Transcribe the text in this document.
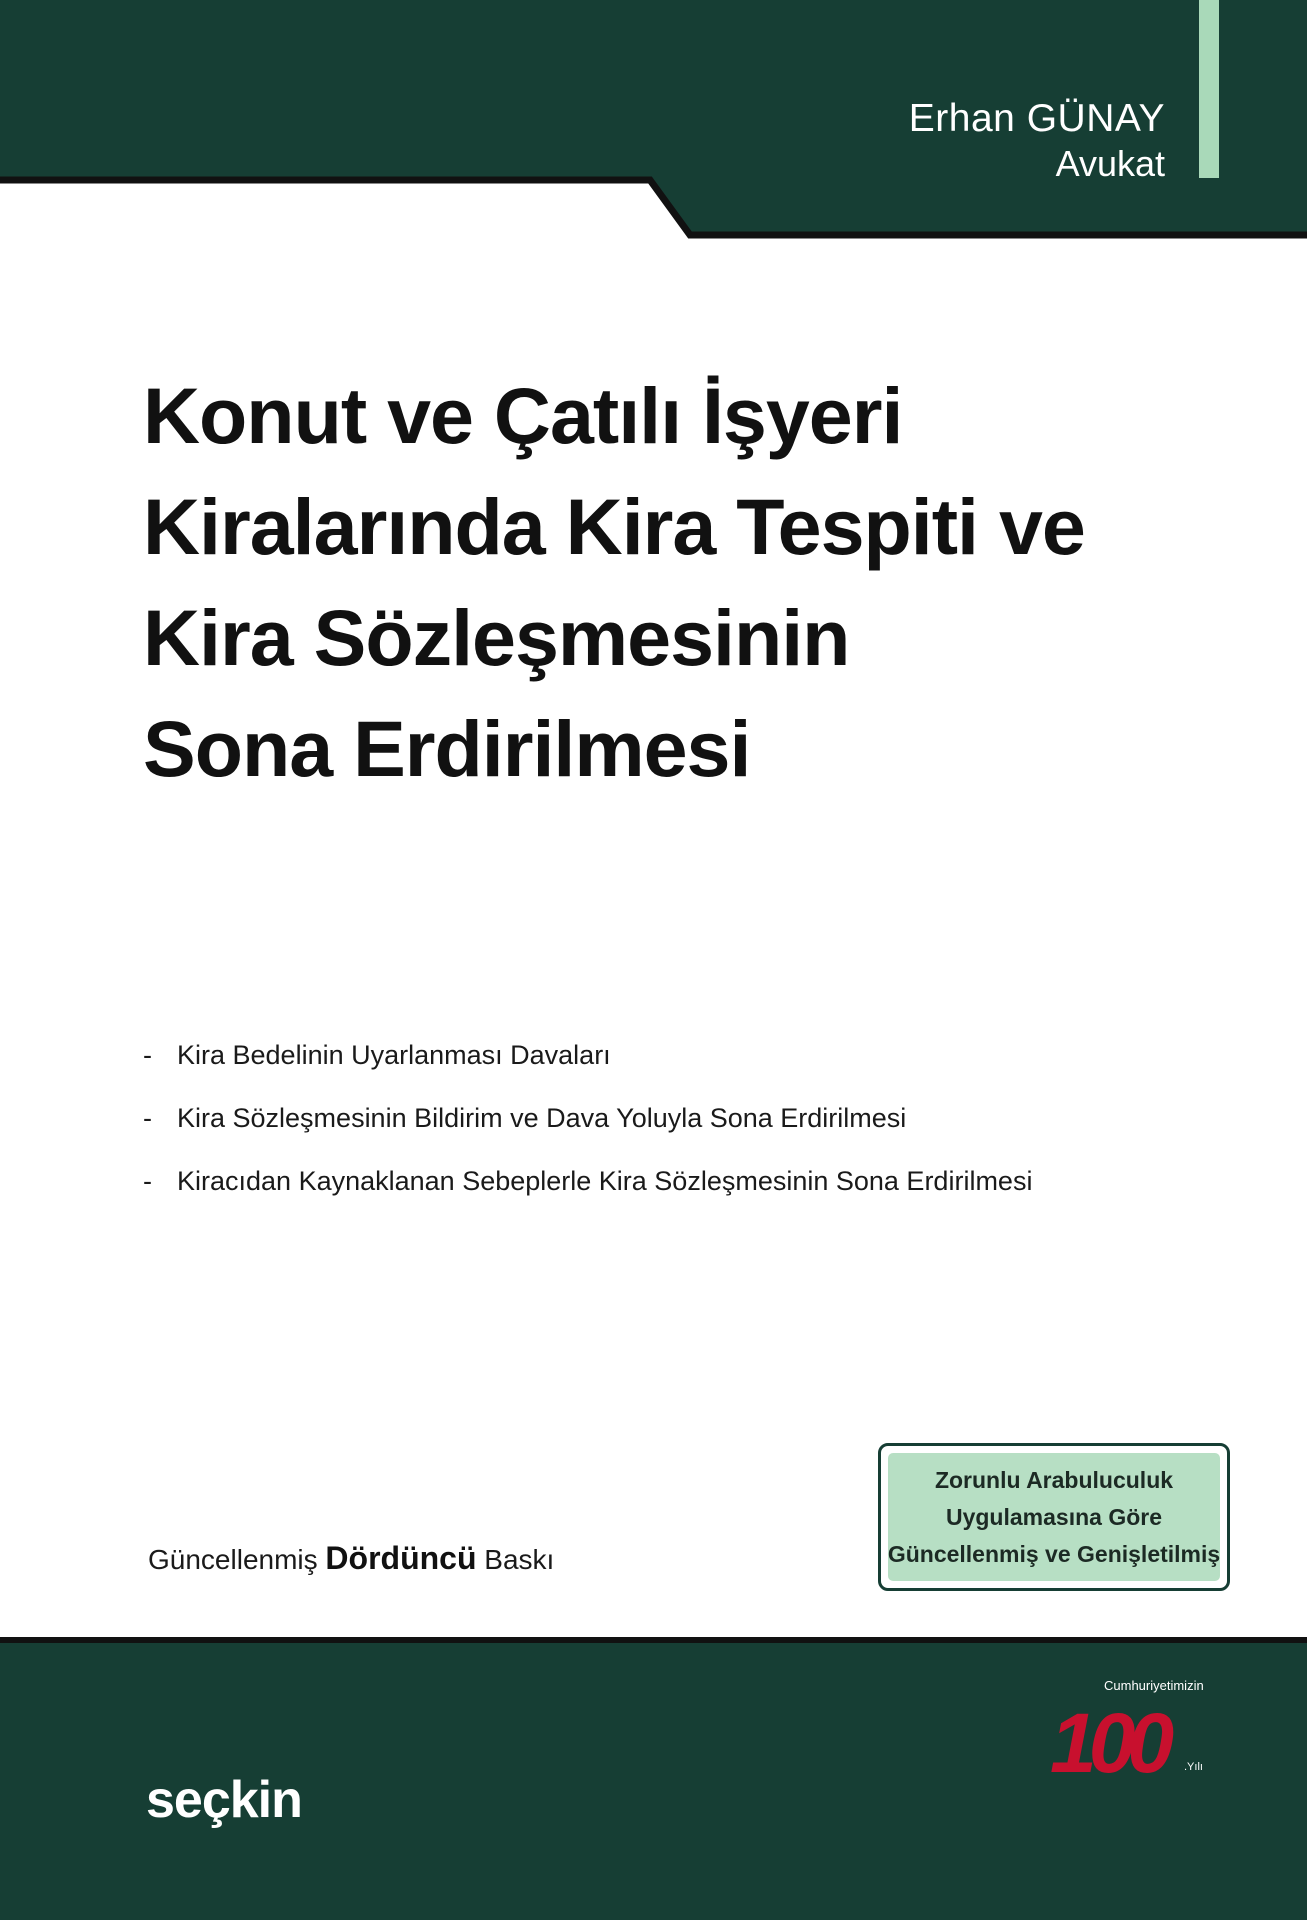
Erhan GÜNAY
Avukat
Konut ve Çatılı İşyeri
Kiralarında Kira Tespiti ve
Kira Sözleşmesinin
Sona Erdirilmesi
- Kira Bedelinin Uyarlanması Davaları
- Kira Sözleşmesinin Bildirim ve Dava Yoluyla Sona Erdirilmesi
- Kiracıdan Kaynaklanan Sebeplerle Kira Sözleşmesinin Sona Erdirilmesi
Güncellenmiş Dördüncü Baskı
Zorunlu Arabuluculuk
Uygulamasına Göre
Güncellenmiş ve Genişletilmiş
seçkin
Cumhuriyetimizin
100	.Yılı
